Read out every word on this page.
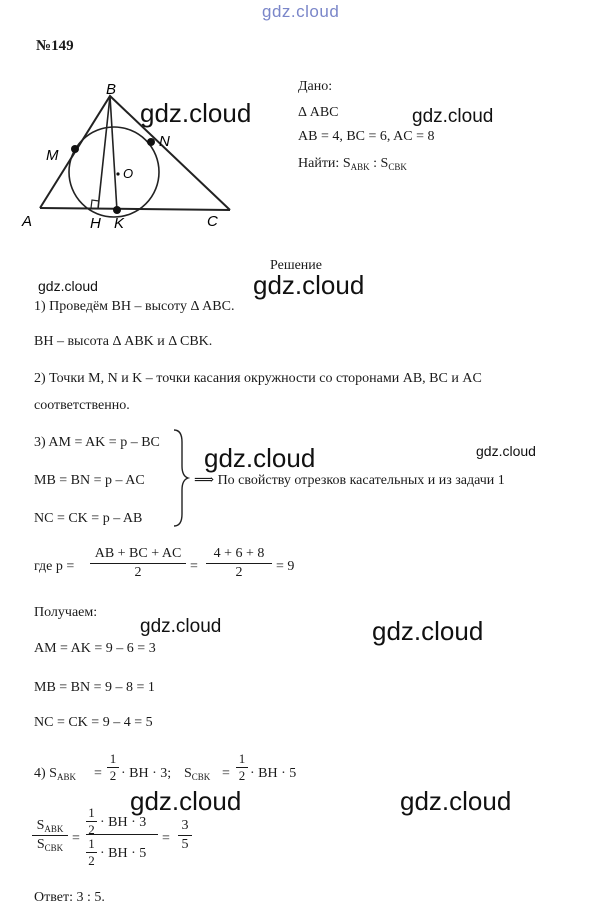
gdz.cloud
№149
B
M
N
O
A	H K	C
Дано:
Δ ABC
AB = 4, BC = 6, AC = 8
Найти: $S_{ABK}$ : $S_{CBK}$
gdz.cloud	gdz.cloud
Решение
gdz.cloud	gdz.cloud
1) Проведём BH – высоту Δ ABC.
BH – высота Δ ABK и Δ CBK.
2) Точки M, N и K – точки касания окружности со сторонами AB, BC и AC
соответственно.
3) AM = AK = p – BC
MB = BN = p – AC
NC = CK = p – AB
gdz.cloud
gdz.cloud
⟹ По свойству отрезков касательных и из задачи 1
где p =
AB + BC + AC
2	=
4 + 6 + 8
2	= 9
Получаем:
gdz.cloud	gdz.cloud
AM = AK = 9 – 6 = 3
MB = BN = 9 – 8 = 1
NC = CK = 9 – 4 = 5
4) $S_{ABK}$ =
1
2 · BH · 3; $S_{CBK}$ =
1
2 · BH · 5
gdz.cloud	gdz.cloud
$S_{ABK}$
$S_{CBK}$
=
1
2 · BH · 3
1
2 · BH · 5
=
3
5
Ответ: 3 : 5.
